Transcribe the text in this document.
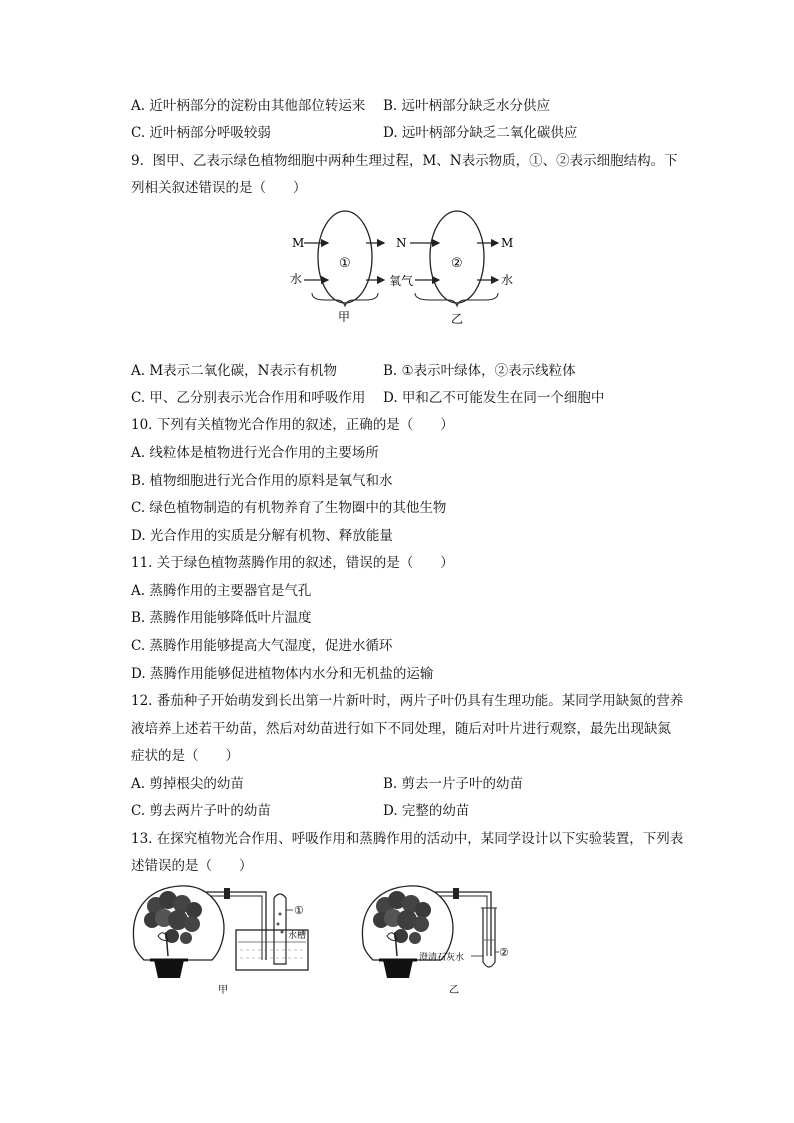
A. 近叶柄部分的淀粉由其他部位转运来 B. 远叶柄部分缺乏水分供应
C. 近叶柄部分呼吸较弱	D. 远叶柄部分缺乏二氧化碳供应
9.  图甲、乙表示绿色植物细胞中两种生理过程，M、N表示物质，①、②表示细胞结构。下
列相关叙述错误的是（　　）
M
水
①
甲
N
氧气
②
M
水
乙
A. M表示二氧化碳，N表示有机物	B. ①表示叶绿体，②表示线粒体
C. 甲、乙分别表示光合作用和呼吸作用 D. 甲和乙不可能发生在同一个细胞中
10. 下列有关植物光合作用的叙述，正确的是（　　）
A. 线粒体是植物进行光合作用的主要场所
B. 植物细胞进行光合作用的原料是氧气和水
C. 绿色植物制造的有机物养育了生物圈中的其他生物
D. 光合作用的实质是分解有机物、释放能量
11. 关于绿色植物蒸腾作用的叙述，错误的是（　　）
A. 蒸腾作用的主要器官是气孔
B. 蒸腾作用能够降低叶片温度
C. 蒸腾作用能够提高大气湿度，促进水循环
D. 蒸腾作用能够促进植物体内水分和无机盐的运输
12. 番茄种子开始萌发到长出第一片新叶时，两片子叶仍具有生理功能。某同学用缺氮的营养
液培养上述若干幼苗，然后对幼苗进行如下不同处理，随后对叶片进行观察，最先出现缺氮
症状的是（　　）
A. 剪掉根尖的幼苗	B. 剪去一片子叶的幼苗
C. 剪去两片子叶的幼苗	D. 完整的幼苗
13. 在探究植物光合作用、呼吸作用和蒸腾作用的活动中，某同学设计以下实验装置，下列表
述错误的是（　　）
①
水槽
甲
澄清石灰水	②
乙
